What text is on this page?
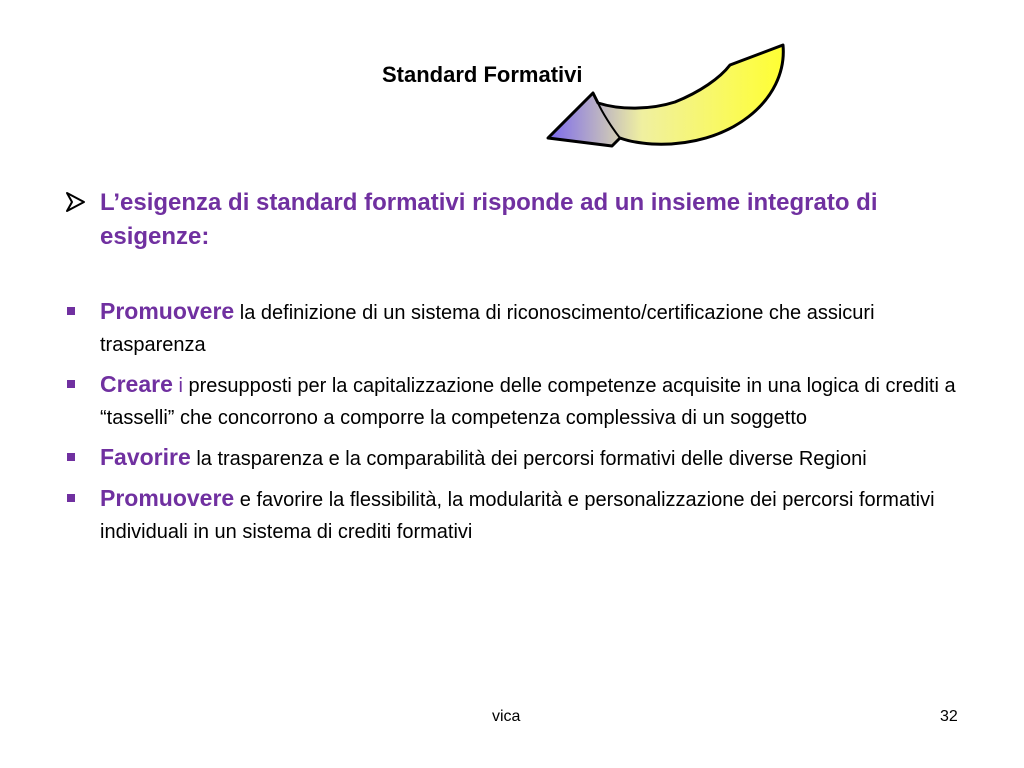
Standard Formativi
L’esigenza di standard formativi risponde ad un insieme integrato di esigenze:
Promuovere la definizione di un sistema di riconoscimento/certificazione che assicuri trasparenza
Creare i presupposti per la capitalizzazione delle competenze acquisite in una logica di crediti a “tasselli” che concorrono a comporre la competenza complessiva di un soggetto
Favorire la trasparenza e la comparabilità dei percorsi formativi delle diverse Regioni
Promuovere e favorire la flessibilità, la modularità e personalizzazione dei percorsi formativi individuali in un sistema di crediti formativi
vica	32
